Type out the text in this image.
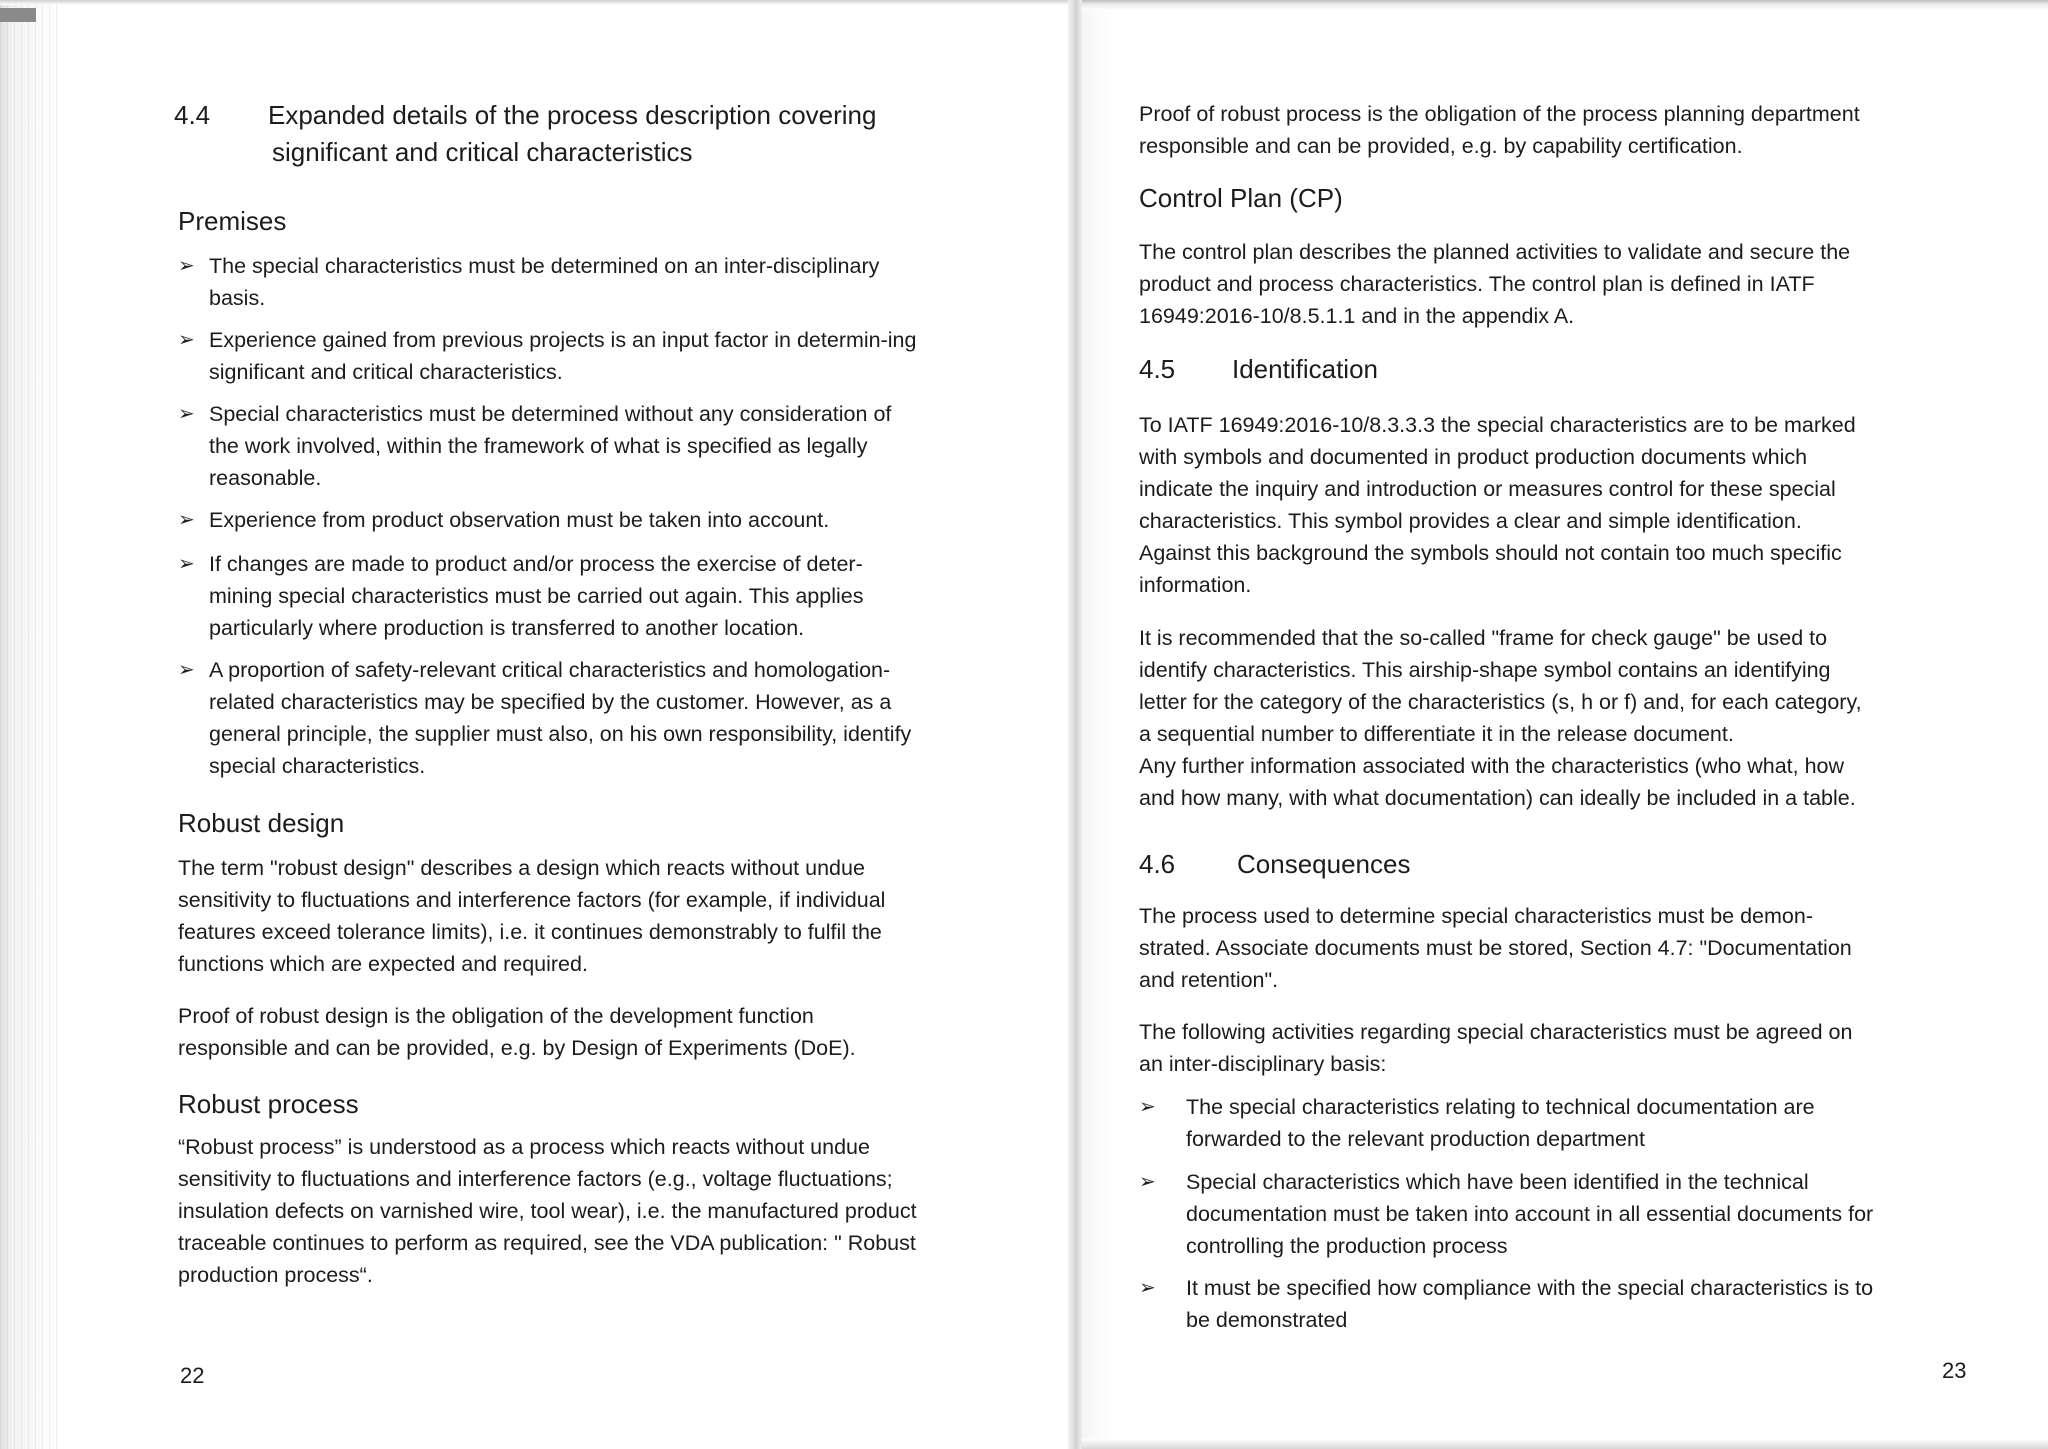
4.4 Expanded details of the process description covering
significant and critical characteristics
Premises
➢ The special characteristics must be determined on an inter-disciplinary
basis.
➢ Experience gained from previous projects is an input factor in determin-ing
significant and critical characteristics.
➢ Special characteristics must be determined without any consideration of
the work involved, within the framework of what is specified as legally
reasonable.
➢ Experience from product observation must be taken into account.
➢ If changes are made to product and/or process the exercise of deter-
mining special characteristics must be carried out again. This applies
particularly where production is transferred to another location.
➢ A proportion of safety-relevant critical characteristics and homologation-
related characteristics may be specified by the customer. However, as a
general principle, the supplier must also, on his own responsibility, identify
special characteristics.
Robust design
The term "robust design" describes a design which reacts without undue
sensitivity to fluctuations and interference factors (for example, if individual
features exceed tolerance limits), i.e. it continues demonstrably to fulfil the
functions which are expected and required.
Proof of robust design is the obligation of the development function
responsible and can be provided, e.g. by Design of Experiments (DoE).
Robust process
“Robust process” is understood as a process which reacts without undue
sensitivity to fluctuations and interference factors (e.g., voltage fluctuations;
insulation defects on varnished wire, tool wear), i.e. the manufactured product
traceable continues to perform as required, see the VDA publication: " Robust
production process“.
22
Proof of robust process is the obligation of the process planning department
responsible and can be provided, e.g. by capability certification.
Control Plan (CP)
The control plan describes the planned activities to validate and secure the
product and process characteristics. The control plan is defined in IATF
16949:2016-10/8.5.1.1 and in the appendix A.
4.5 Identification
To IATF 16949:2016-10/8.3.3.3 the special characteristics are to be marked
with symbols and documented in product production documents which
indicate the inquiry and introduction or measures control for these special
characteristics. This symbol provides a clear and simple identification.
Against this background the symbols should not contain too much specific
information.
It is recommended that the so-called "frame for check gauge" be used to
identify characteristics. This airship-shape symbol contains an identifying
letter for the category of the characteristics (s, h or f) and, for each category,
a sequential number to differentiate it in the release document.
Any further information associated with the characteristics (who what, how
and how many, with what documentation) can ideally be included in a table.
4.6 Consequences
The process used to determine special characteristics must be demon-
strated. Associate documents must be stored, Section 4.7: "Documentation
and retention".
The following activities regarding special characteristics must be agreed on
an inter-disciplinary basis:
➢ The special characteristics relating to technical documentation are
forwarded to the relevant production department
➢ Special characteristics which have been identified in the technical
documentation must be taken into account in all essential documents for
controlling the production process
➢ It must be specified how compliance with the special characteristics is to
be demonstrated
23
